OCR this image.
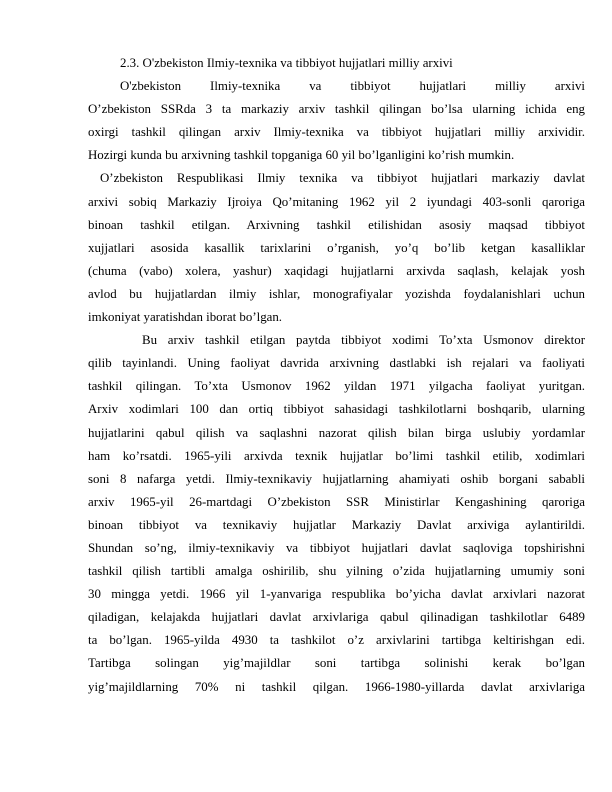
2.3. O'zbekiston Ilmiy-texnika va tibbiyot hujjatlari milliy arxivi
O'zbekiston Ilmiy-texnika va tibbiyot hujjatlari milliy arxivi
O’zbekiston SSRda 3 ta markaziy arxiv tashkil qilingan bo’lsa ularning ichida eng
oxirgi tashkil qilingan arxiv Ilmiy-texnika va tibbiyot hujjatlari milliy arxividir.
Hozirgi kunda bu arxivning tashkil topganiga 60 yil bo’lganligini ko’rish mumkin.
O’zbekiston Respublikasi Ilmiy texnika va tibbiyot hujjatlari markaziy davlat
arxivi sobiq Markaziy Ijroiya Qo’mitaning 1962 yil 2 iyundagi 403-sonli qaroriga
binoan tashkil etilgan. Arxivning tashkil etilishidan asosiy maqsad tibbiyot
xujjatlari asosida kasallik tarixlarini o’rganish, yo’q bo’lib ketgan kasalliklar
(chuma (vabo) xolera, yashur) xaqidagi hujjatlarni arxivda saqlash, kelajak yosh
avlod bu hujjatlardan ilmiy ishlar, monografiyalar yozishda foydalanishlari uchun
imkoniyat yaratishdan iborat bo’lgan.
Bu arxiv tashkil etilgan paytda tibbiyot xodimi To’xta Usmonov direktor
qilib tayinlandi. Uning faoliyat davrida arxivning dastlabki ish rejalari va faoliyati
tashkil qilingan. To’xta Usmonov 1962 yildan 1971 yilgacha faoliyat yuritgan.
Arxiv xodimlari 100 dan ortiq tibbiyot sahasidagi tashkilotlarni boshqarib, ularning
hujjatlarini qabul qilish va saqlashni nazorat qilish bilan birga uslubiy yordamlar
ham ko’rsatdi. 1965-yili arxivda texnik hujjatlar bo’limi tashkil etilib, xodimlari
soni 8 nafarga yetdi. Ilmiy-texnikaviy hujjatlarning ahamiyati oshib borgani sababli
arxiv 1965-yil 26-martdagi O’zbekiston SSR Ministirlar Kengashining qaroriga
binoan tibbiyot va texnikaviy hujjatlar Markaziy Davlat arxiviga aylantirildi.
Shundan so’ng, ilmiy-texnikaviy va tibbiyot hujjatlari davlat saqloviga topshirishni
tashkil qilish tartibli amalga oshirilib, shu yilning o’zida hujjatlarning umumiy soni
30 mingga yetdi. 1966 yil 1-yanvariga respublika bo’yicha davlat arxivlari nazorat
qiladigan, kelajakda hujjatlari davlat arxivlariga qabul qilinadigan tashkilotlar 6489
ta bo’lgan. 1965-yilda 4930 ta tashkilot o’z arxivlarini tartibga keltirishgan edi.
Tartibga solingan yig’majildlar soni tartibga solinishi kerak bo’lgan
yig’majildlarning 70% ni tashkil qilgan. 1966-1980-yillarda davlat arxivlariga
